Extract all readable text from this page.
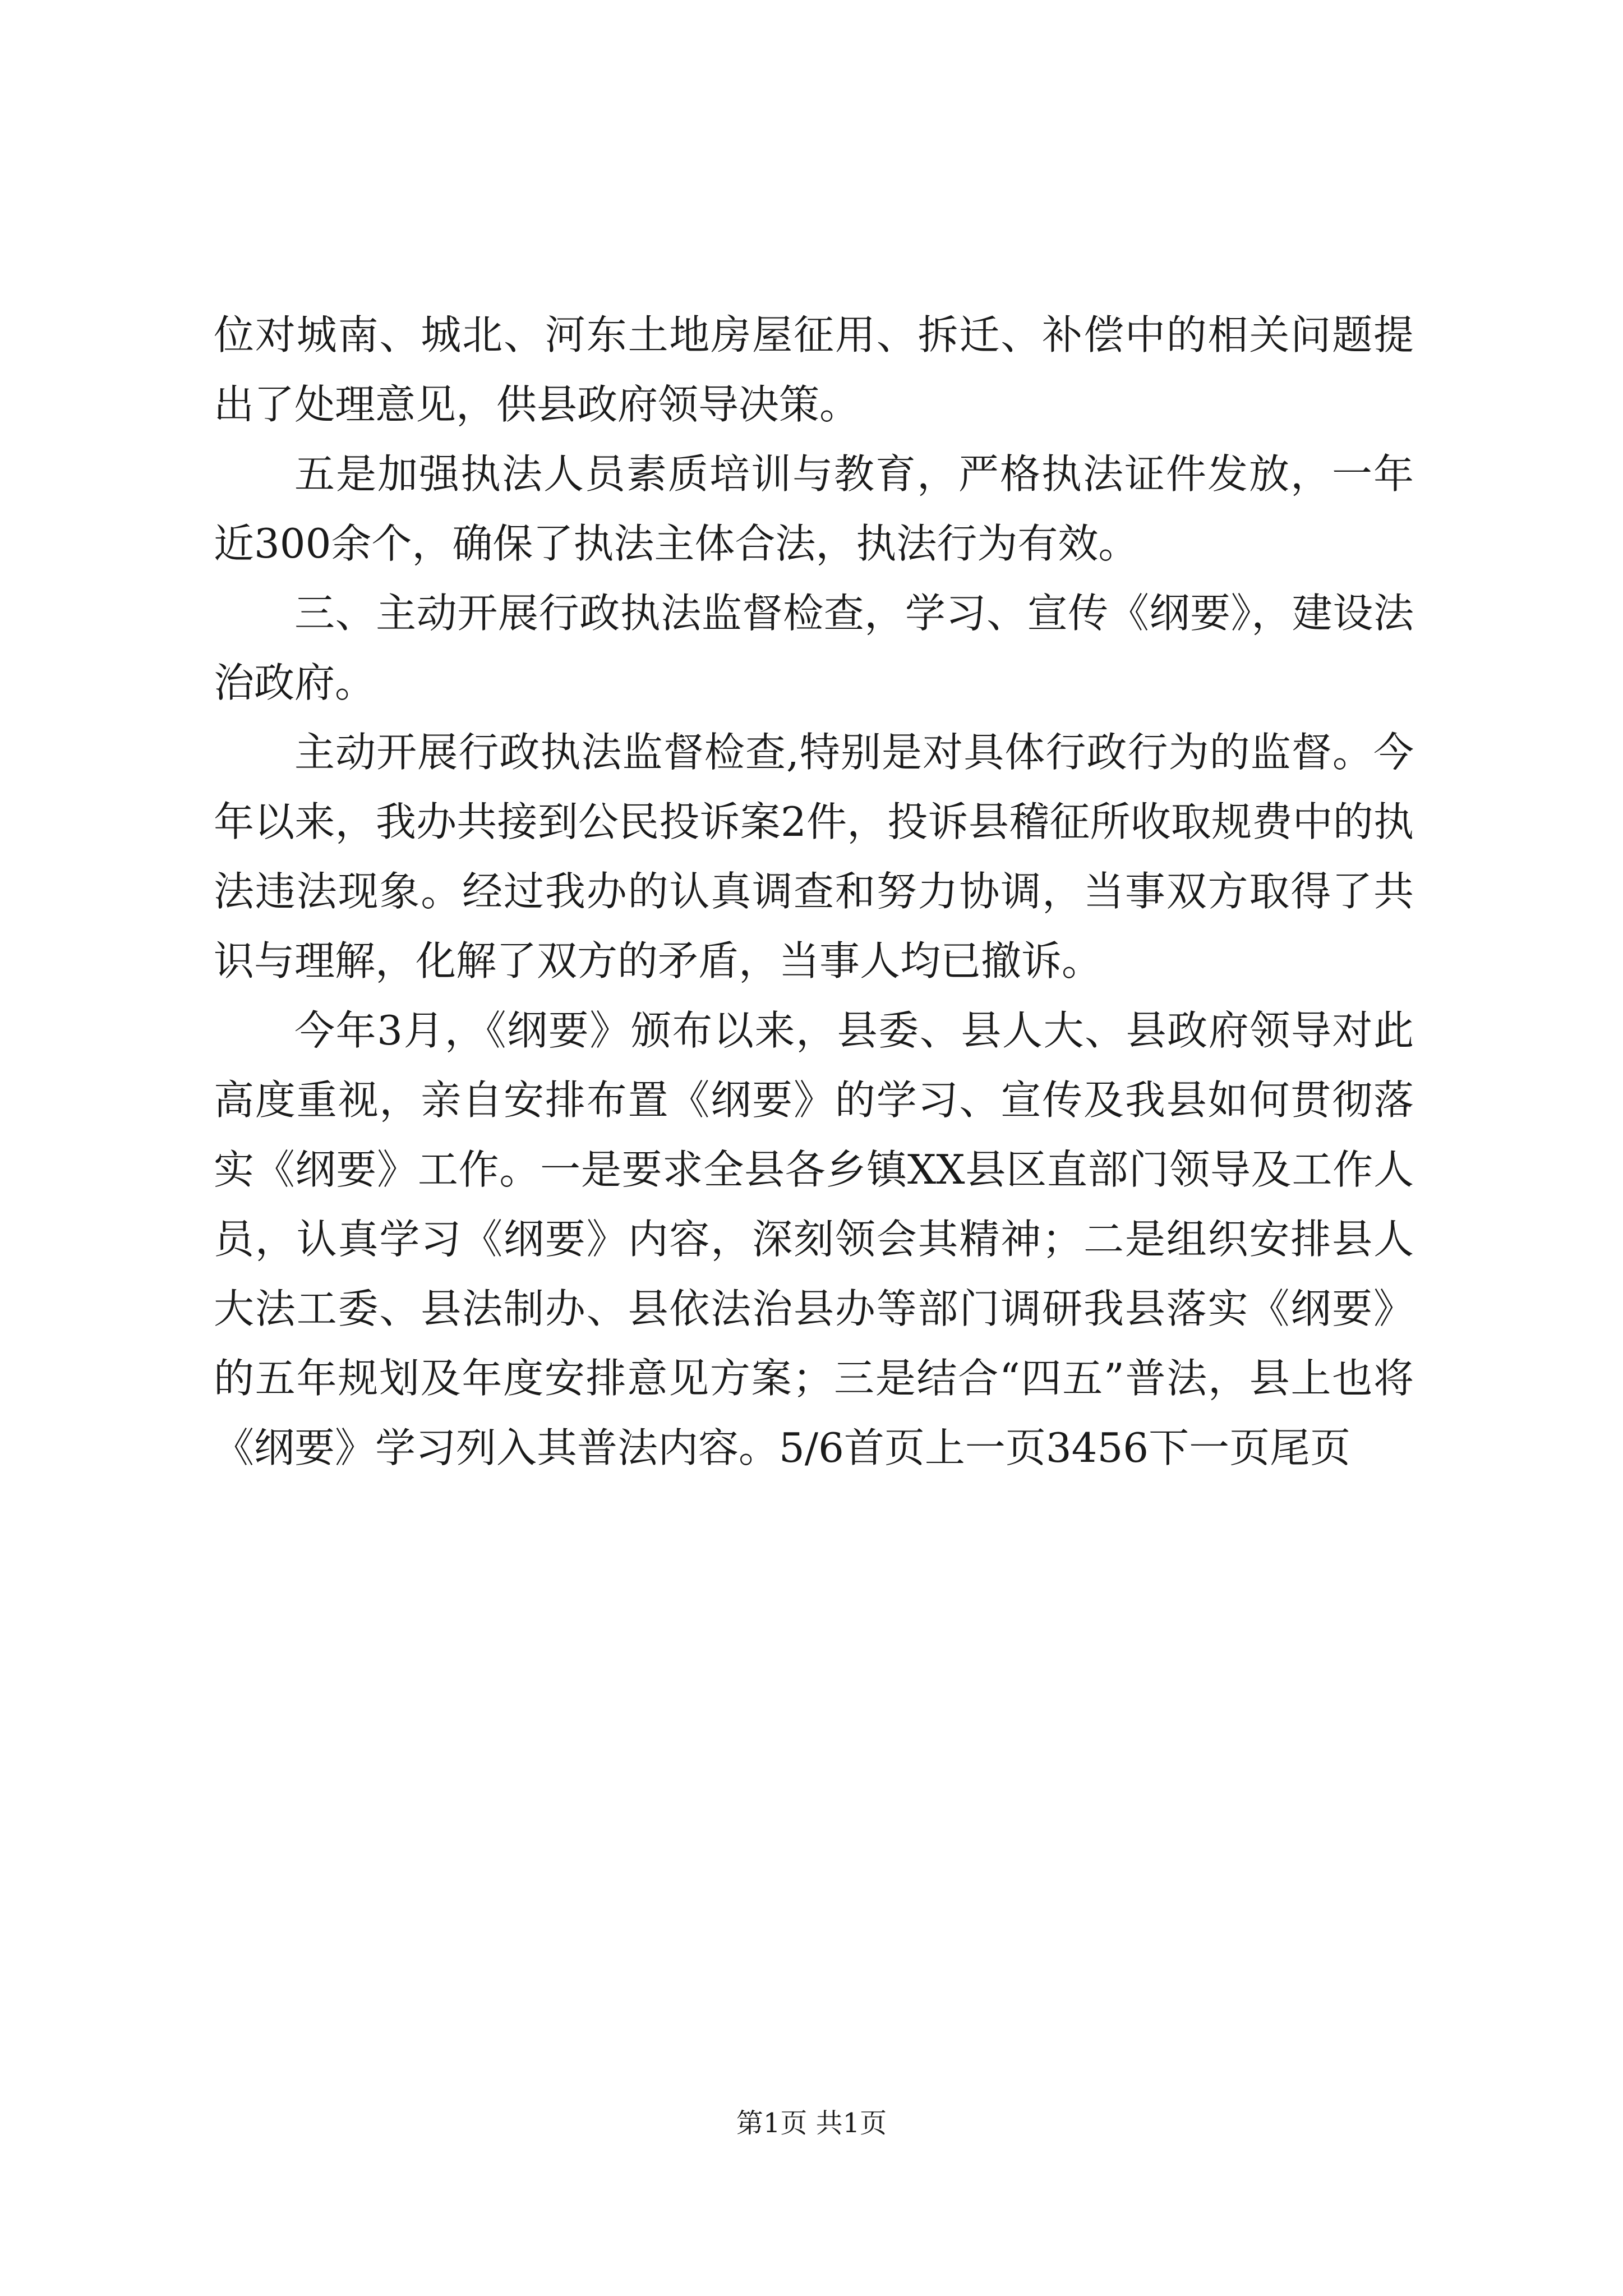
位对城南、城北、河东土地房屋征用、拆迁、补偿中的相关问题提出了处理意见，供县政府领导决策。

五是加强执法人员素质培训与教育，严格执法证件发放，一年近300余个，确保了执法主体合法，执法行为有效。

三、主动开展行政执法监督检查，学习、宣传《纲要》，建设法治政府。

主动开展行政执法监督检查,特别是对具体行政行为的监督。今年以来，我办共接到公民投诉案2件，投诉县稽征所收取规费中的执法违法现象。经过我办的认真调查和努力协调，当事双方取得了共识与理解，化解了双方的矛盾，当事人均已撤诉。

今年3月，《纲要》颁布以来，县委、县人大、县政府领导对此高度重视，亲自安排布置《纲要》的学习、宣传及我县如何贯彻落实《纲要》工作。一是要求全县各乡镇XX县区直部门领导及工作人员，认真学习《纲要》内容，深刻领会其精神；二是组织安排县人大法工委、县法制办、县依法治县办等部门调研我县落实《纲要》的五年规划及年度安排意见方案；三是结合“四五”普法，县上也将《纲要》学习列入其普法内容。5/6首页上一页3456下一页尾页

第1页 共1页
